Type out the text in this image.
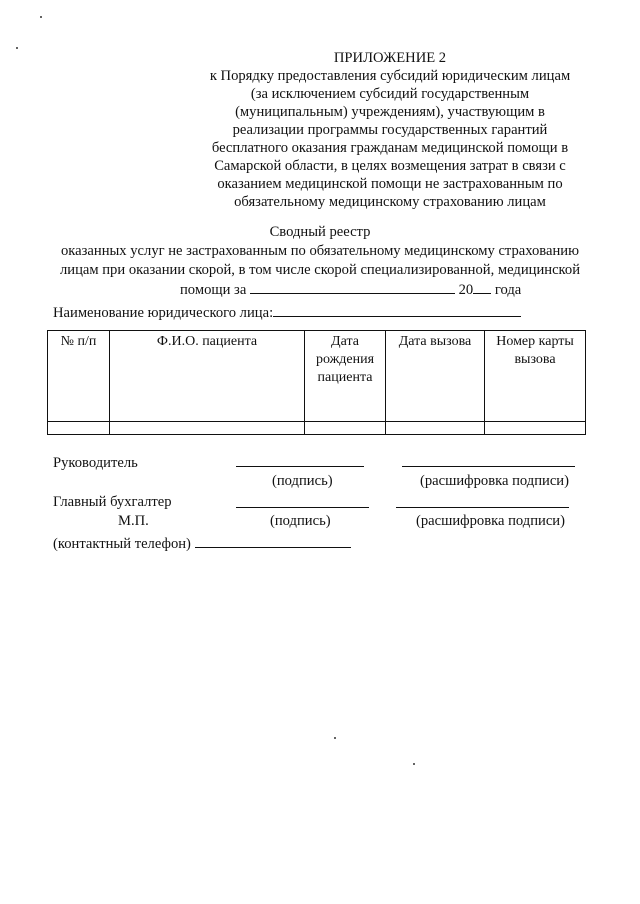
ПРИЛОЖЕНИЕ 2
к Порядку предоставления субсидий юридическим лицам
(за исключением субсидий государственным
(муниципальным) учреждениям), участвующим в
реализации программы государственных гарантий
бесплатного оказания гражданам медицинской помощи в
Самарской области, в целях возмещения затрат в связи с
оказанием медицинской помощи не застрахованным по
обязательному медицинскому страхованию лицам
Сводный реестр
оказанных услуг не застрахованным по обязательному медицинскому страхованию
лицам при оказании скорой, в том числе скорой специализированной, медицинской
помощи за	20 года
Наименование юридического лица:
№ п/п	Ф.И.О. пациента	Дата рождения пациента	Дата вызова	Номер карты вызова

Руководитель
(подпись)	(расшифровка подписи)
Главный бухгалтер
М.П.	(подпись)	(расшифровка подписи)
(контактный телефон)
